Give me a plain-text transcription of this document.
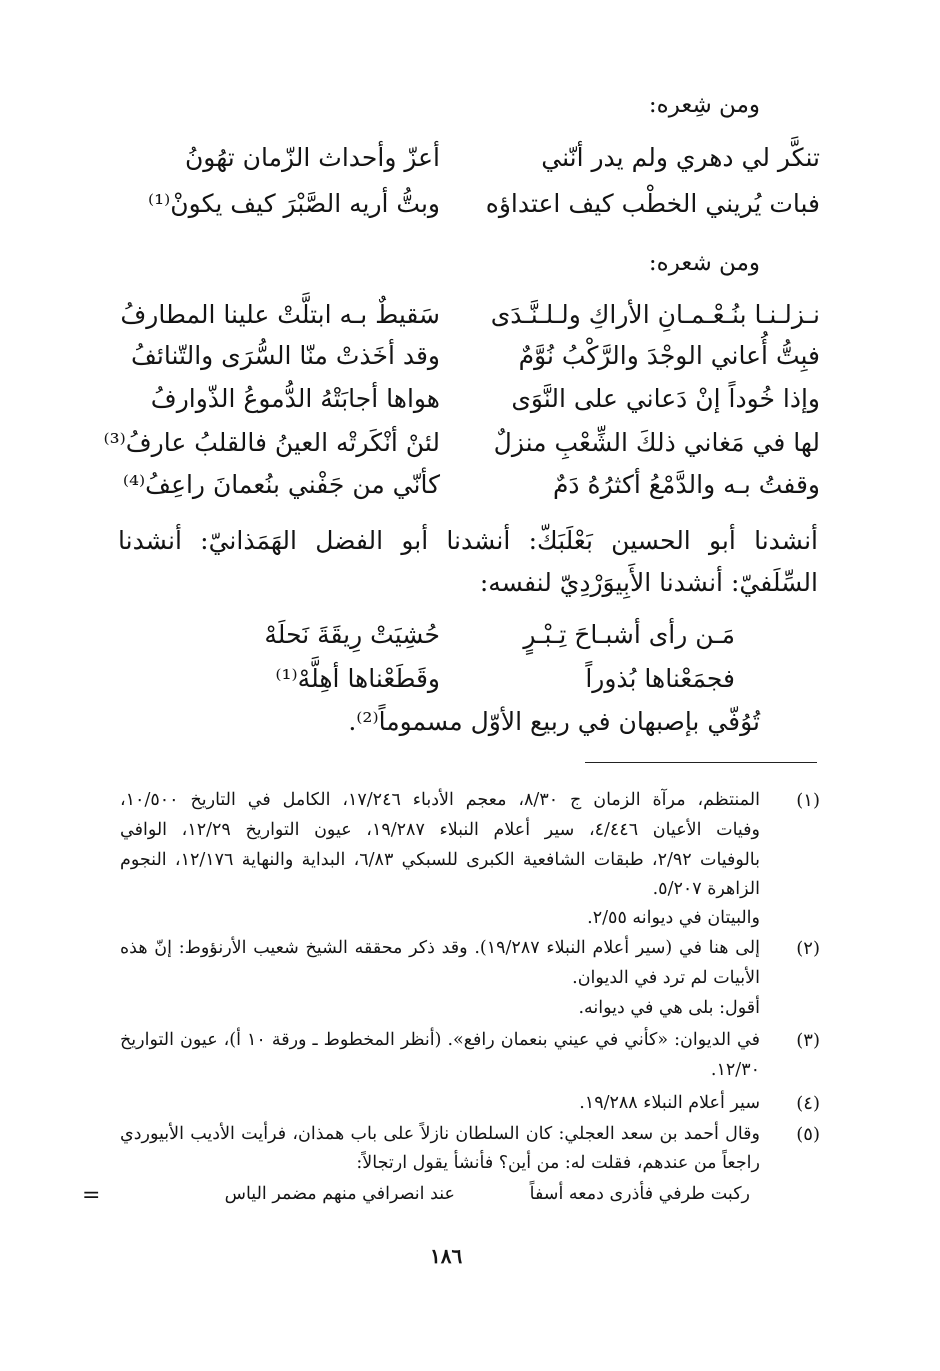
ومن شِعره:
تنكَّر لي دهري ولم يدر أنّني
أعزّ وأحداث الزّمان تهُونُ
فبات يُريني الخطْب كيف اعتداؤه
وبتُّ أريه الصَّبْرَ كيف يكونْ⁽¹⁾
ومن شعره:
نـزلـنـا بنُـعْـمـانِ الأراكِ ولـلـنَّـدَى
سَقيطٌ بـه ابتلَّتْ علينا المطارفُ
فبِتُّ أُعاني الوجْدَ والرَّكْبُ نُوَّمٌ
وقد أخَذتْ منّا السُّرَى والتّنائفُ
وإذا خُوداً إنْ دَعاني على النَّوَى
هواها أجابَتْهُ الدُّموعُ الذّوارفُ
لها في مَغاني ذلكَ الشِّعْبِ منزلٌ
لئنْ أنْكَرتْه العينُ فالقلبُ عارفُ⁽³⁾
وقفتُ بـه والدَّمْعُ أكثرُهُ دَمٌ
كأنّي من جَفْني بنُعمانَ راعِفُ⁽⁴⁾
أنشدنا أبو الحسين بَعْلَبَكّ: أنشدنا أبو الفضل الهَمَذانيّ: أنشدنا
السِّلَفيّ: أنشدنا الأَبِيوَرْدِيّ لنفسه:
مَـن رأى أشبـاحَ تِـبْـرٍ
حُشِيَتْ رِيقَةَ نَحلَهْ
فجمَعْناها بُذوراً
وقَطَعْناها أهِلَّهْ⁽¹⁾
تُوُفّي بإصبهان في ربيع الأوّل مسموماً⁽²⁾.
(١)
المنتظم، مرآة الزمان ج ٨/٣٠، معجم الأدباء ١٧/٢٤٦، الكامل في التاريخ ١٠/٥٠٠،
وفيات الأعيان ٤/٤٤٦، سير أعلام النبلاء ١٩/٢٨٧، عيون التواريخ ١٢/٢٩، الوافي
بالوفيات ٢/٩٢، طبقات الشافعية الكبرى للسبكي ٦/٨٣، البداية والنهاية ١٢/١٧٦، النجوم
الزاهرة ٥/٢٠٧.
والبيتان في ديوانه ٢/٥٥.
(٢)
إلى هنا في (سير أعلام النبلاء ١٩/٢٨٧). وقد ذكر محققه الشيخ شعيب الأرنؤوط: إنّ هذه
الأبيات لم ترد في الديوان.
أقول: بلى هي في ديوانه.
(٣)
في الديوان: «كأني في عيني بنعمان رافع». (أنظر المخطوط ـ ورقة ١٠ أ)، عيون التواريخ
١٢/٣٠.
(٤)
سير أعلام النبلاء ١٩/٢٨٨.
(٥)
وقال أحمد بن سعد العجلي: كان السلطان نازلاً على باب همذان، فرأيت الأديب الأبيوردي
راجعاً من عندهم، فقلت له: من أين؟ فأنشأ يقول ارتجالاً:
ركبت طرفي فأذرى دمعه أسفاً
عند انصرافي منهم مضمر الياس
=
١٨٦
